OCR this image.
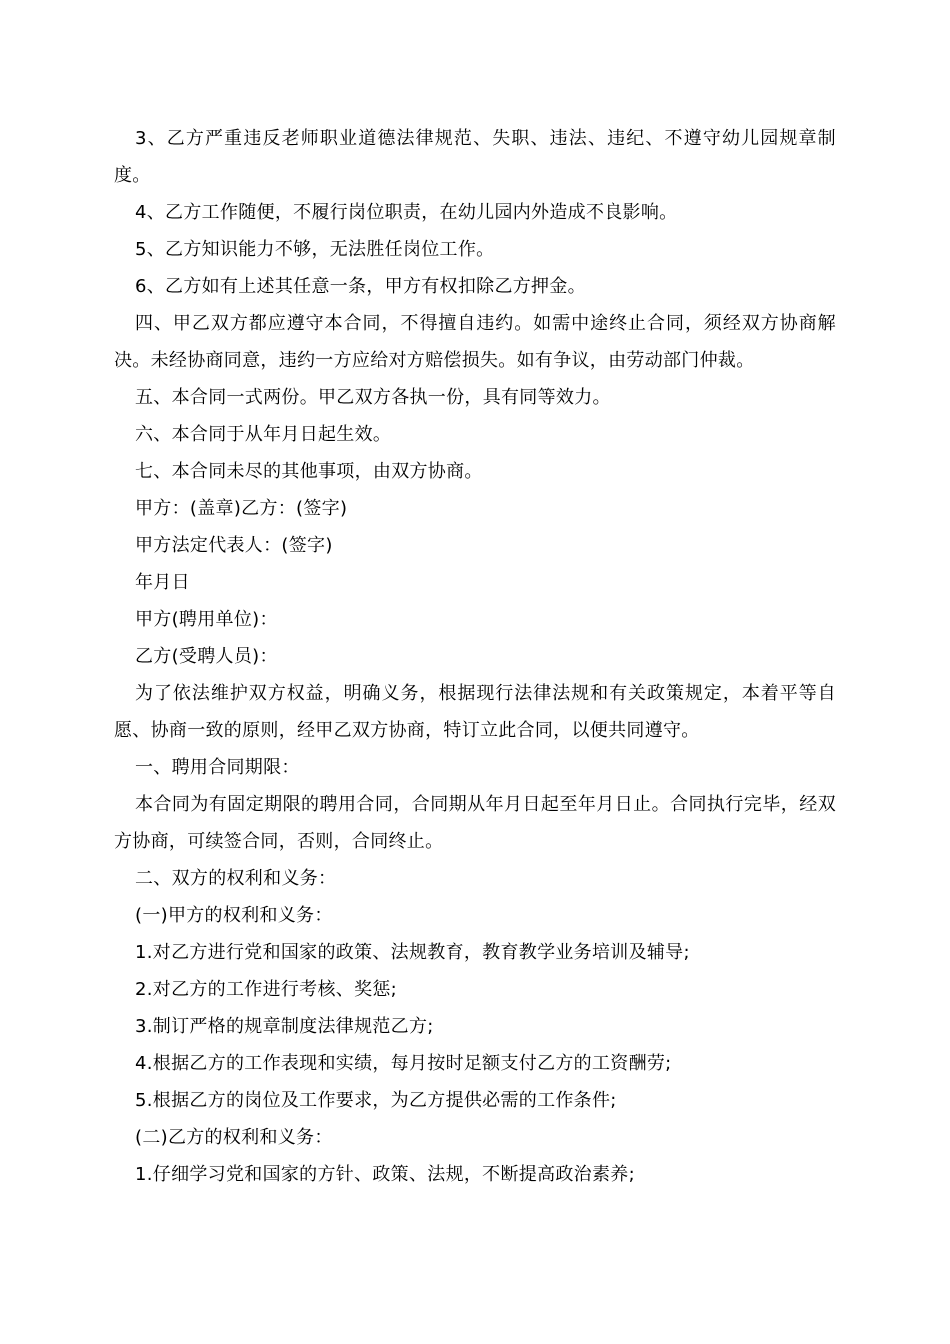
3、乙方严重违反老师职业道德法律规范、失职、违法、违纪、不遵守幼儿园规章制度。

4、乙方工作随便，不履行岗位职责，在幼儿园内外造成不良影响。

5、乙方知识能力不够，无法胜任岗位工作。

6、乙方如有上述其任意一条，甲方有权扣除乙方押金。

四、甲乙双方都应遵守本合同，不得擅自违约。如需中途终止合同，须经双方协商解决。未经协商同意，违约一方应给对方赔偿损失。如有争议，由劳动部门仲裁。

五、本合同一式两份。甲乙双方各执一份，具有同等效力。

六、本合同于从年月日起生效。

七、本合同未尽的其他事项，由双方协商。

甲方：(盖章)乙方：(签字)

甲方法定代表人：(签字)

年月日

甲方(聘用单位)：

乙方(受聘人员)：

为了依法维护双方权益，明确义务，根据现行法律法规和有关政策规定，本着平等自愿、协商一致的原则，经甲乙双方协商，特订立此合同，以便共同遵守。

一、聘用合同期限：

本合同为有固定期限的聘用合同，合同期从年月日起至年月日止。合同执行完毕，经双方协商，可续签合同，否则，合同终止。

二、双方的权利和义务：

(一)甲方的权利和义务：

1.对乙方进行党和国家的政策、法规教育，教育教学业务培训及辅导;

2.对乙方的工作进行考核、奖惩;

3.制订严格的规章制度法律规范乙方;

4.根据乙方的工作表现和实绩，每月按时足额支付乙方的工资酬劳;

5.根据乙方的岗位及工作要求，为乙方提供必需的工作条件;

(二)乙方的权利和义务：

1.仔细学习党和国家的方针、政策、法规，不断提高政治素养;
